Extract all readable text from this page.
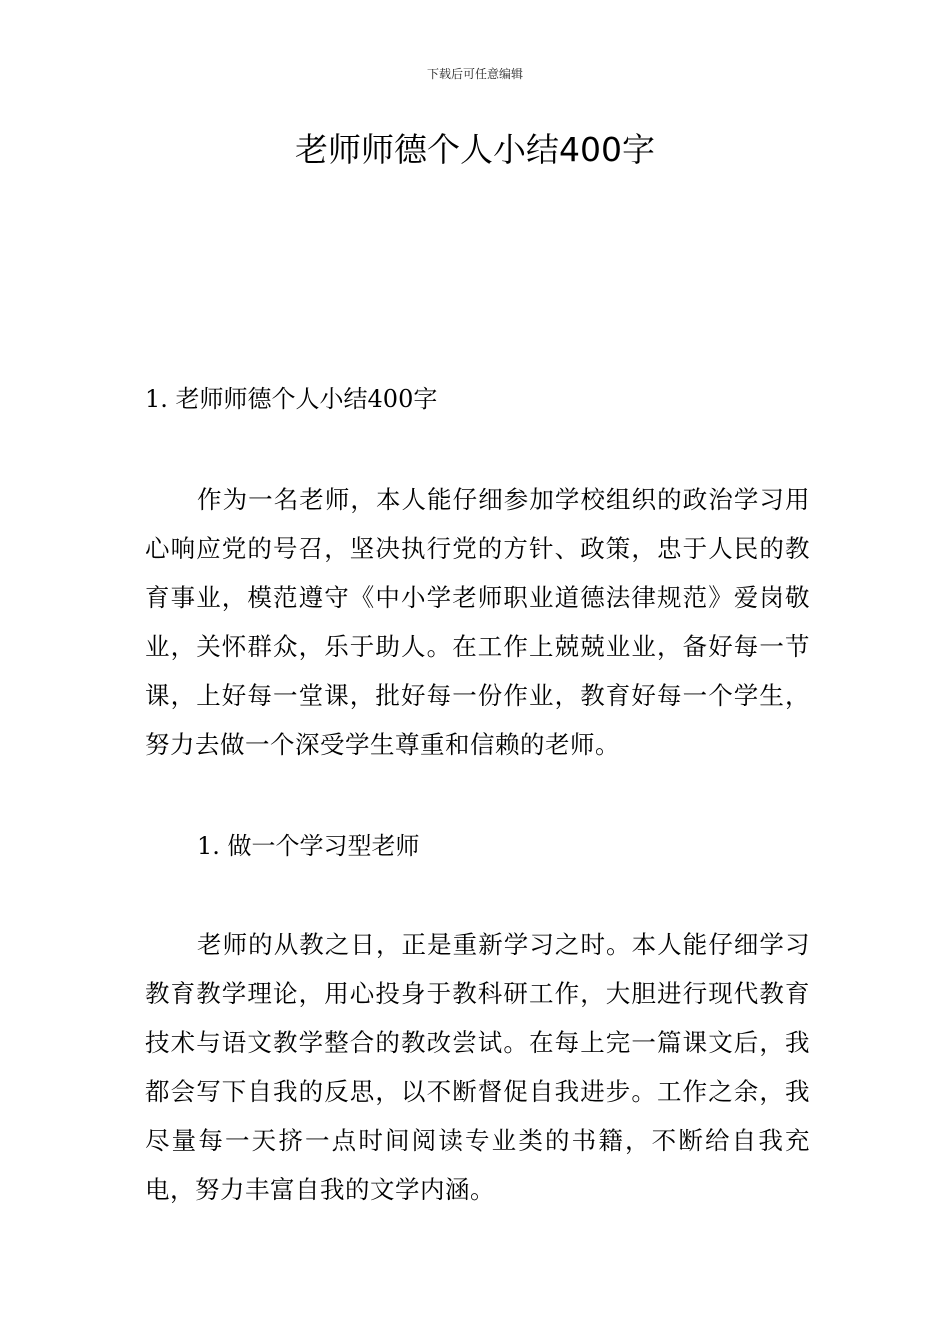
下载后可任意编辑
老师师德个人小结400字
1. 老师师德个人小结400字

作为一名老师，本人能仔细参加学校组织的政治学习用心响应党的号召，坚决执行党的方针、政策，忠于人民的教育事业，模范遵守《中小学老师职业道德法律规范》爱岗敬业，关怀群众，乐于助人。在工作上兢兢业业，备好每一节课，上好每一堂课，批好每一份作业，教育好每一个学生，努力去做一个深受学生尊重和信赖的老师。

1. 做一个学习型老师

老师的从教之日，正是重新学习之时。本人能仔细学习教育教学理论，用心投身于教科研工作，大胆进行现代教育技术与语文教学整合的教改尝试。在每上完一篇课文后，我都会写下自我的反思，以不断督促自我进步。工作之余，我尽量每一天挤一点时间阅读专业类的书籍，不断给自我充电，努力丰富自我的文学内涵。
